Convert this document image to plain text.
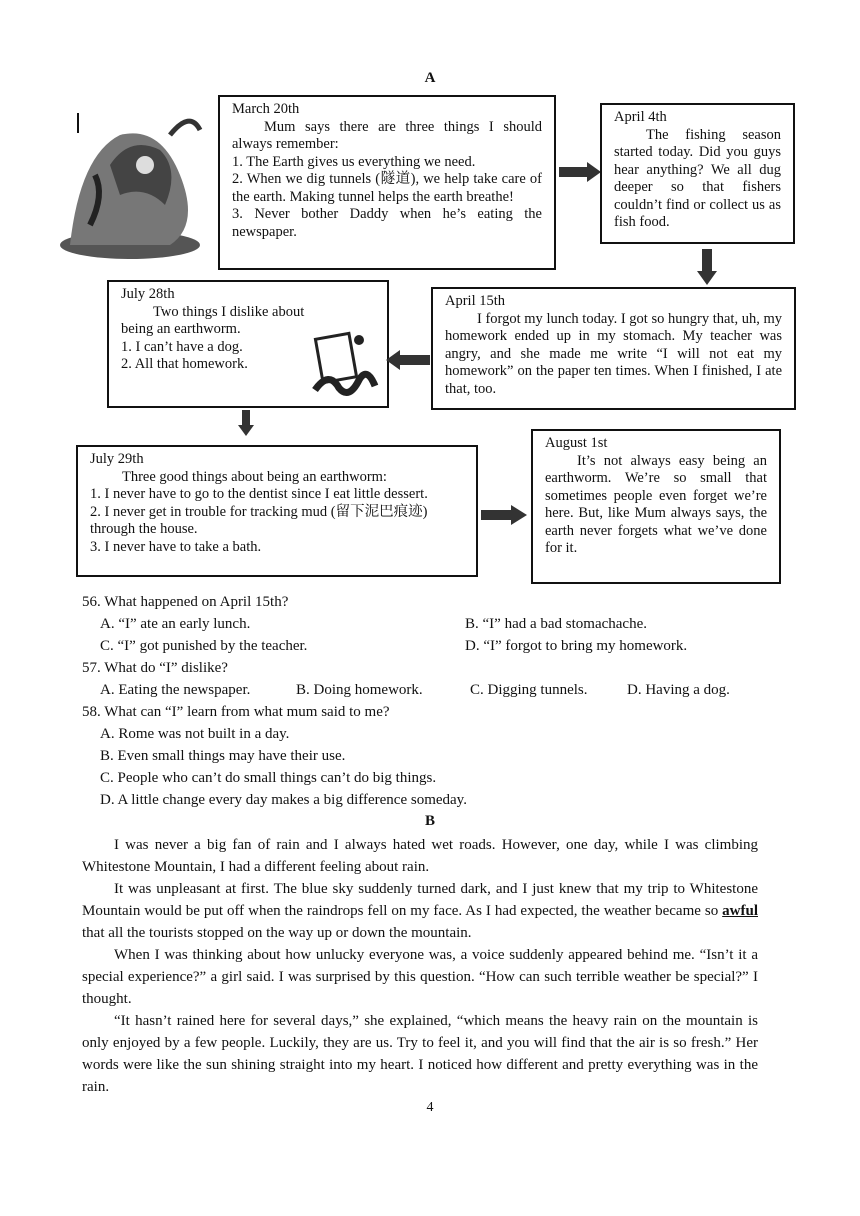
A
March 20th
Mum says there are three things I should always remember:
1. The Earth gives us everything we need.
2. When we dig tunnels (隧道), we help take care of the earth. Making tunnel helps the earth breathe!
3. Never bother Daddy when he’s eating the newspaper.
April 4th
The fishing season started today. Did you guys hear anything? We all dug deeper so that fishers couldn’t find or collect us as fish food.
July 28th
Two things I dislike about being an earthworm.
1. I can’t have a dog.
2. All that homework.
April 15th
I forgot my lunch today. I got so hungry that, uh, my homework ended up in my stomach. My teacher was angry, and she made me write “I will not eat my homework” on the paper ten times. When I finished, I ate that, too.
July 29th
Three good things about being an earthworm:
1. I never have to go to the dentist since I eat little dessert.
2. I never get in trouble for tracking mud (留下泥巴痕迹) through the house.
3. I never have to take a bath.
August 1st
It’s not always easy being an earthworm. We’re so small that sometimes people even forget we’re here. But, like Mum always says, the earth never forgets what we’ve done for it.
56. What happened on April 15th?
A. “I” ate an early lunch.	B. “I” had a bad stomachache.
C. “I” got punished by the teacher.	D. “I” forgot to bring my homework.
57. What do “I” dislike?
A. Eating the newspaper.	B. Doing homework.	C. Digging tunnels.	D. Having a dog.
58. What can “I” learn from what mum said to me?
A. Rome was not built in a day.
B. Even small things may have their use.
C. People who can’t do small things can’t do big things.
D. A little change every day makes a big difference someday.
B

I was never a big fan of rain and I always hated wet roads. However, one day, while I was climbing Whitestone Mountain, I had a different feeling about rain.

It was unpleasant at first. The blue sky suddenly turned dark, and I just knew that my trip to Whitestone Mountain would be put off when the raindrops fell on my face. As I had expected, the weather became so awful that all the tourists stopped on the way up or down the mountain.

When I was thinking about how unlucky everyone was, a voice suddenly appeared behind me. “Isn’t it a special experience?” a girl said. I was surprised by this question. “How can such terrible weather be special?” I thought.

“It hasn’t rained here for several days,” she explained, “which means the heavy rain on the mountain is only enjoyed by a few people. Luckily, they are us. Try to feel it, and you will find that the air is so fresh.” Her words were like the sun shining straight into my heart. I noticed how different and pretty everything was in the rain.

4
